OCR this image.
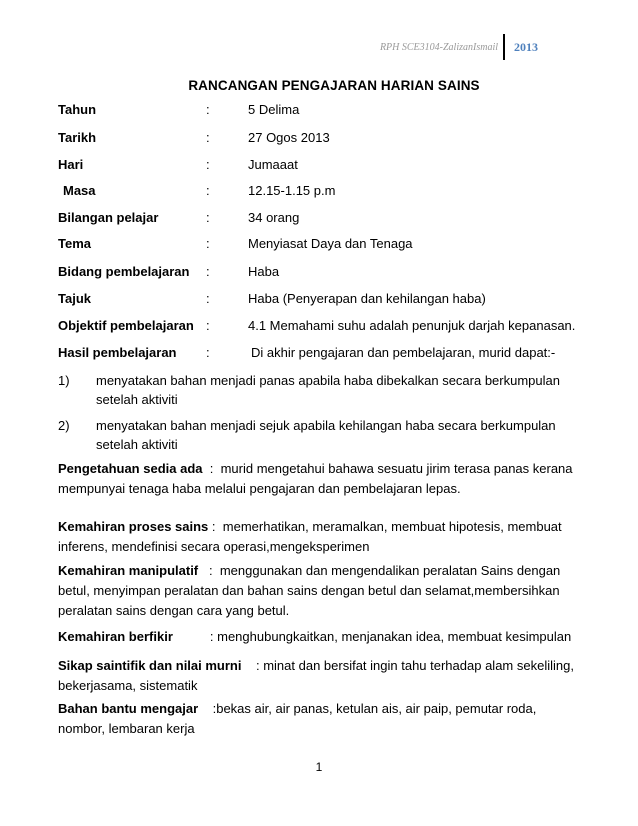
RPH SCE3104-ZalizanIsmail 2013
RANCANGAN PENGAJARAN HARIAN SAINS
Tahun	:	5 Delima
Tarikh	:	27 Ogos 2013
Hari	:	Jumaaat
Masa	:	12.15-1.15 p.m
Bilangan pelajar	:	34 orang
Tema	:	Menyiasat Daya dan Tenaga
Bidang pembelajaran :	Haba
Tajuk	:	Haba (Penyerapan dan kehilangan haba)
Objektif pembelajaran :	4.1 Memahami suhu adalah penunjuk darjah kepanasan.
Hasil pembelajaran :	Di akhir pengajaran dan pembelajaran, murid dapat:-
1) menyatakan bahan menjadi panas apabila haba dibekalkan secara berkumpulan setelah aktiviti
2) menyatakan bahan menjadi sejuk apabila kehilangan haba secara berkumpulan setelah aktiviti
Pengetahuan sedia ada : murid mengetahui bahawa sesuatu jirim terasa panas kerana mempunyai tenaga haba melalui pengajaran dan pembelajaran lepas.
Kemahiran proses sains : memerhatikan, meramalkan, membuat hipotesis, membuat inferens, mendefinisi secara operasi,mengeksperimen
Kemahiran manipulatif : menggunakan dan mengendalikan peralatan Sains dengan betul, menyimpan peralatan dan bahan sains dengan betul dan selamat,membersihkan peralatan sains dengan cara yang betul.
Kemahiran berfikir	: menghubungkaitkan, menjanakan idea, membuat kesimpulan
Sikap saintifik dan nilai murni : minat dan bersifat ingin tahu terhadap alam sekeliling, bekerjasama, sistematik
Bahan bantu mengajar :bekas air, air panas, ketulan ais, air paip, pemutar roda, nombor, lembaran kerja
1
